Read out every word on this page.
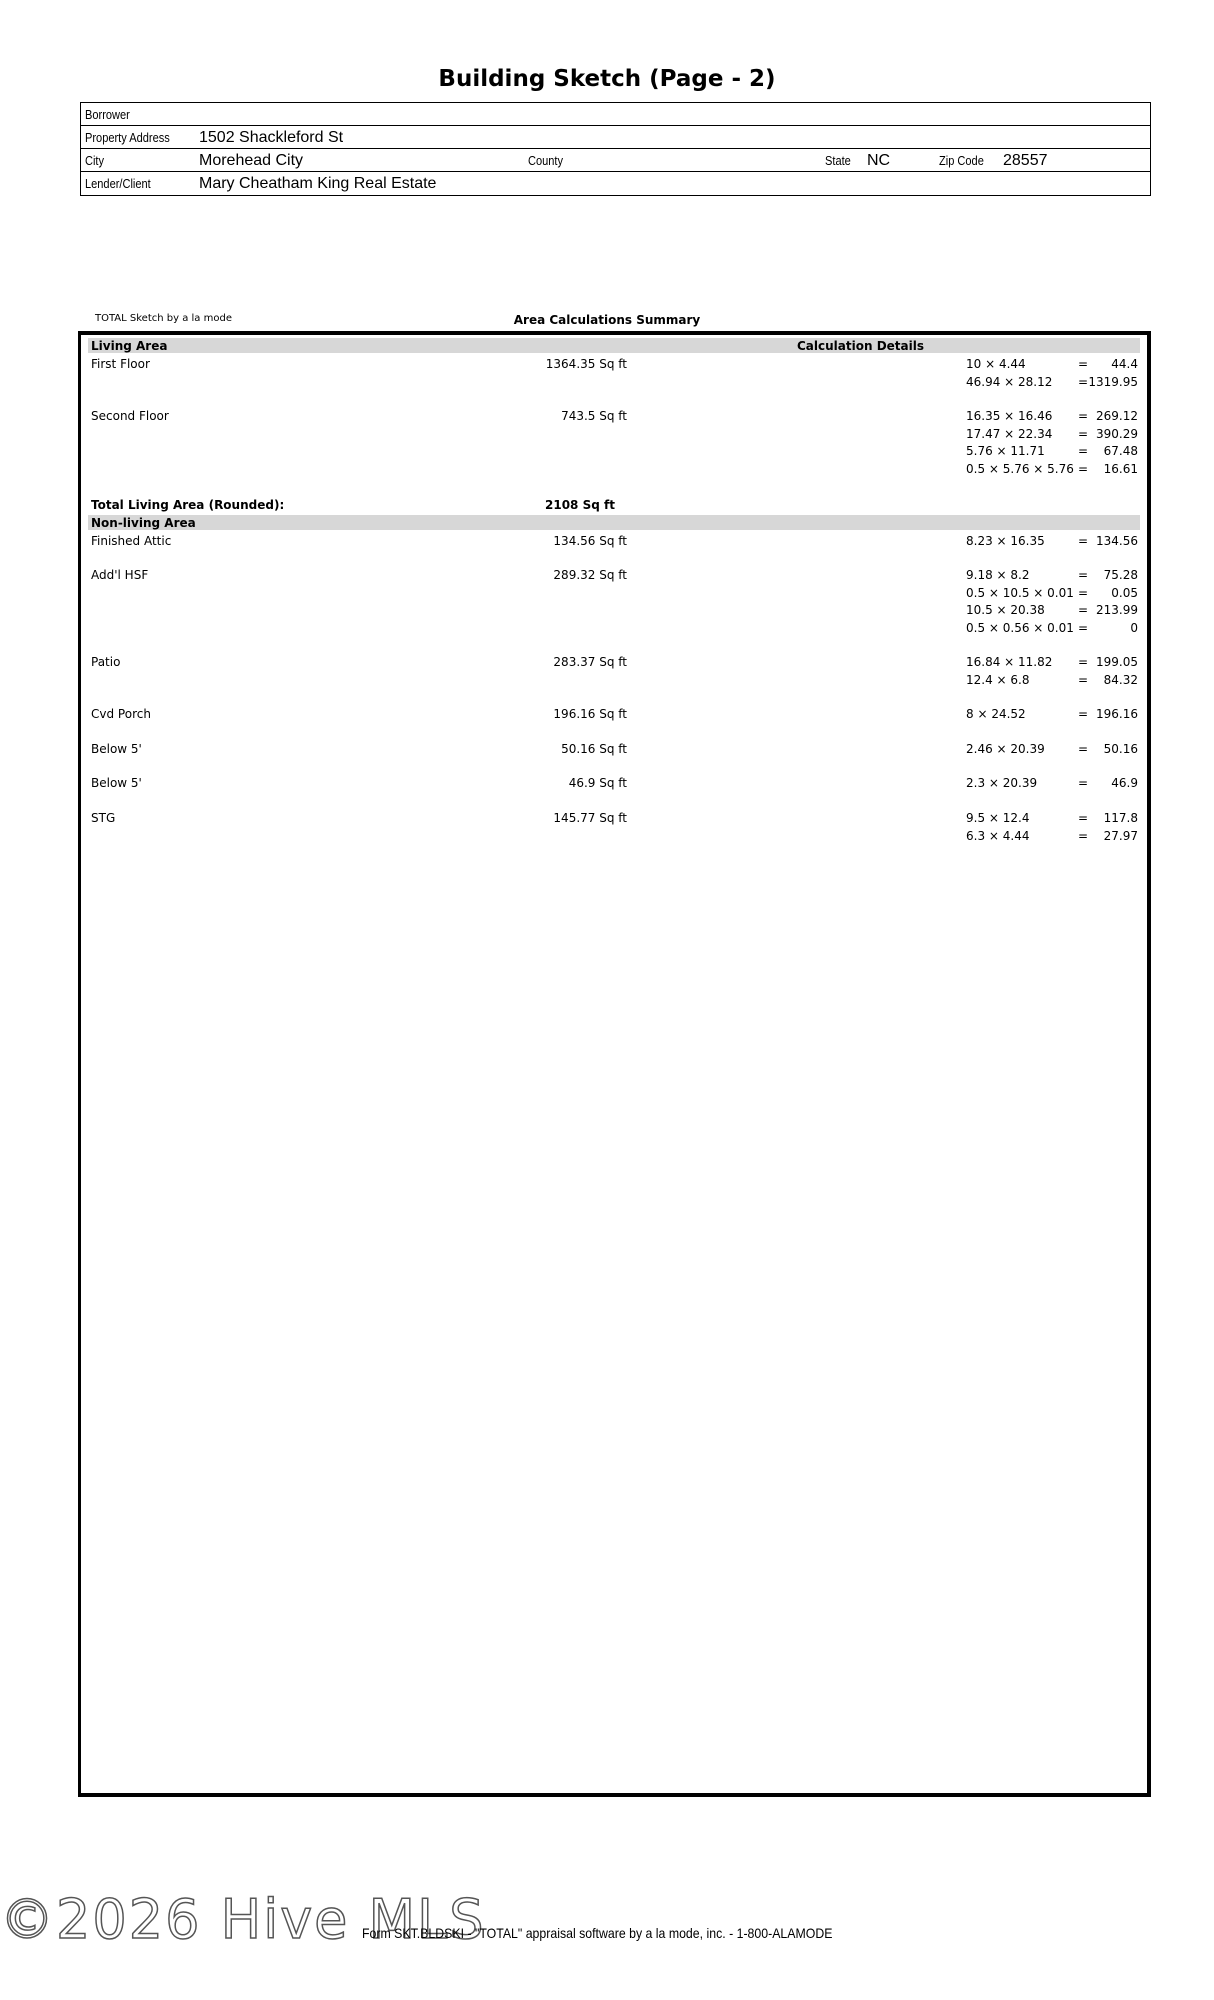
Building Sketch (Page - 2)
Borrower
Property Address 1502 Shackleford St
City	Morehead City	County	State NC	Zip Code 28557
Lender/Client	Mary Cheatham King Real Estate
TOTAL Sketch by a la mode	Area Calculations Summary
Living Area	Calculation Details
First Floor	1364.35 Sq ft	10 × 4.44	=	44.4
46.94 × 28.12 = 1319.95
Second Floor	743.5 Sq ft	16.35 × 16.46 = 269.12
17.47 × 22.34 = 390.29
5.76 × 11.71	=	67.48
0.5 × 5.76 × 5.76 =	16.61
Total Living Area (Rounded):	2108 Sq ft
Non-living Area
Finished Attic	134.56 Sq ft	8.23 × 16.35	= 134.56
Add'l HSF	289.32 Sq ft	9.18 × 8.2	=	75.28
0.5 × 10.5 × 0.01 =	0.05
10.5 × 20.38	= 213.99
0.5 × 0.56 × 0.01 =	0
Patio	283.37 Sq ft	16.84 × 11.82 = 199.05
12.4 × 6.8	=	84.32
Cvd Porch	196.16 Sq ft	8 × 24.52	= 196.16
Below 5'	50.16 Sq ft	2.46 × 20.39	=	50.16
Below 5'	46.9 Sq ft	2.3 × 20.39	=	46.9
STG	145.77 Sq ft	9.5 × 12.4	=	117.8
6.3 × 4.44	=	27.97
©2026 Hive MLS
Form SKT.BLDSKI - "TOTAL" appraisal software by a la mode, inc. - 1-800-ALAMODE
